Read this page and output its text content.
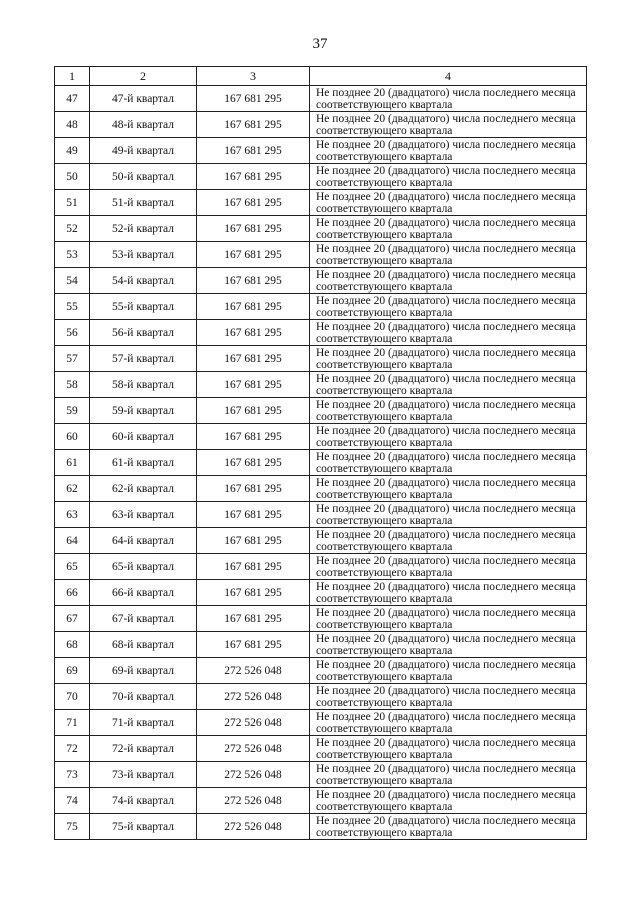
37
1	2	3	4
47	47-й квартал	167 681 295	Не позднее 20 (двадцатого) числа последнего месяца
соответствующего квартала

48	48-й квартал	167 681 295	Не позднее 20 (двадцатого) числа последнего месяца
соответствующего квартала

49	49-й квартал	167 681 295	Не позднее 20 (двадцатого) числа последнего месяца
соответствующего квартала

50	50-й квартал	167 681 295	Не позднее 20 (двадцатого) числа последнего месяца
соответствующего квартала

51	51-й квартал	167 681 295	Не позднее 20 (двадцатого) числа последнего месяца
соответствующего квартала

52	52-й квартал	167 681 295	Не позднее 20 (двадцатого) числа последнего месяца
соответствующего квартала

53	53-й квартал	167 681 295	Не позднее 20 (двадцатого) числа последнего месяца
соответствующего квартала

54	54-й квартал	167 681 295	Не позднее 20 (двадцатого) числа последнего месяца
соответствующего квартала

55	55-й квартал	167 681 295	Не позднее 20 (двадцатого) числа последнего месяца
соответствующего квартала

56	56-й квартал	167 681 295	Не позднее 20 (двадцатого) числа последнего месяца
соответствующего квартала

57	57-й квартал	167 681 295	Не позднее 20 (двадцатого) числа последнего месяца
соответствующего квартала

58	58-й квартал	167 681 295	Не позднее 20 (двадцатого) числа последнего месяца
соответствующего квартала

59	59-й квартал	167 681 295	Не позднее 20 (двадцатого) числа последнего месяца
соответствующего квартала

60	60-й квартал	167 681 295	Не позднее 20 (двадцатого) числа последнего месяца
соответствующего квартала

61	61-й квартал	167 681 295	Не позднее 20 (двадцатого) числа последнего месяца
соответствующего квартала

62	62-й квартал	167 681 295	Не позднее 20 (двадцатого) числа последнего месяца
соответствующего квартала

63	63-й квартал	167 681 295	Не позднее 20 (двадцатого) числа последнего месяца
соответствующего квартала

64	64-й квартал	167 681 295	Не позднее 20 (двадцатого) числа последнего месяца
соответствующего квартала

65	65-й квартал	167 681 295	Не позднее 20 (двадцатого) числа последнего месяца
соответствующего квартала

66	66-й квартал	167 681 295	Не позднее 20 (двадцатого) числа последнего месяца
соответствующего квартала

67	67-й квартал	167 681 295	Не позднее 20 (двадцатого) числа последнего месяца
соответствующего квартала

68	68-й квартал	167 681 295	Не позднее 20 (двадцатого) числа последнего месяца
соответствующего квартала

69	69-й квартал	272 526 048	Не позднее 20 (двадцатого) числа последнего месяца
соответствующего квартала

70	70-й квартал	272 526 048	Не позднее 20 (двадцатого) числа последнего месяца
соответствующего квартала

71	71-й квартал	272 526 048	Не позднее 20 (двадцатого) числа последнего месяца
соответствующего квартала

72	72-й квартал	272 526 048	Не позднее 20 (двадцатого) числа последнего месяца
соответствующего квартала

73	73-й квартал	272 526 048	Не позднее 20 (двадцатого) числа последнего месяца
соответствующего квартала

74	74-й квартал	272 526 048	Не позднее 20 (двадцатого) числа последнего месяца
соответствующего квартала

75	75-й квартал	272 526 048	Не позднее 20 (двадцатого) числа последнего месяца
соответствующего квартала
